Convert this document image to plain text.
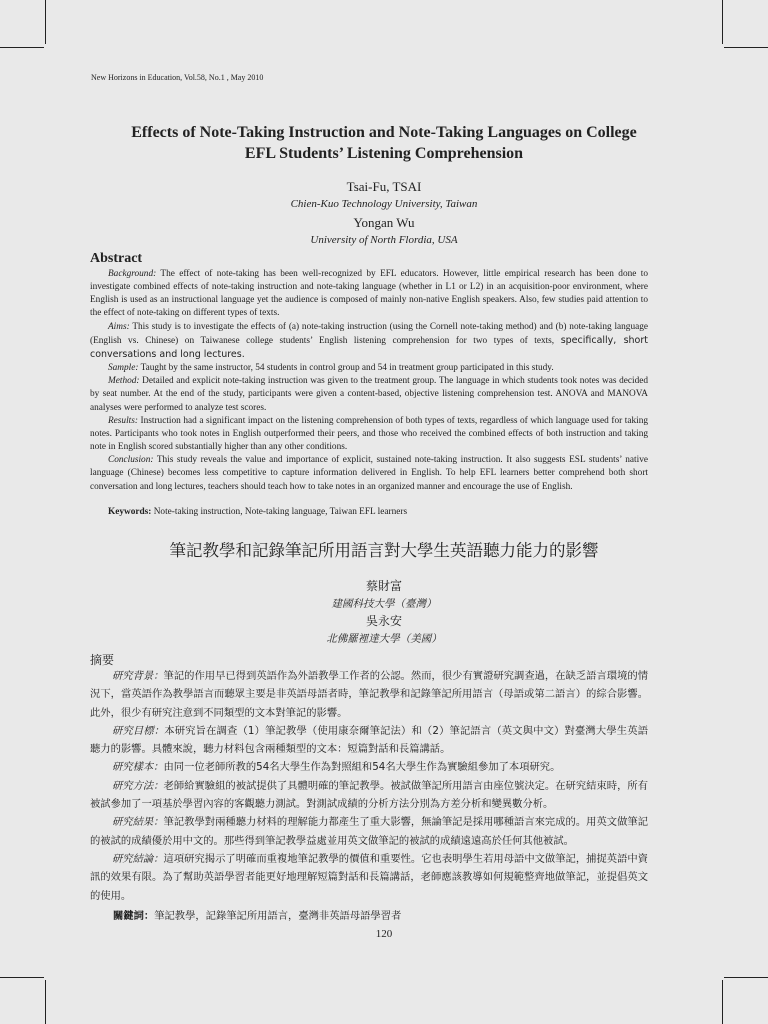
New Horizons in Education, Vol.58, No.1 , May 2010
Effects of Note-Taking Instruction and Note-Taking Languages on College
EFL Students’ Listening Comprehension
Tsai-Fu, TSAI
Chien-Kuo Technology University, Taiwan
Yongan Wu
University of North Flordia, USA
Abstract

Background: The effect of note-taking has been well-recognized by EFL educators. However, little empirical research has been done to investigate combined effects of note-taking instruction and note-taking language (whether in L1 or L2) in an acquisition-poor environment, where English is used as an instructional language yet the audience is composed of mainly non-native English speakers. Also, few studies paid attention to the effect of note-taking on different types of texts.

Aims: This study is to investigate the effects of (a) note-taking instruction (using the Cornell note-taking method) and (b) note-taking language (English vs. Chinese) on Taiwanese college students’ English listening comprehension for two types of texts, specifically, short conversations and long lectures.

Sample: Taught by the same instructor, 54 students in control group and 54 in treatment group participated in this study.

Method: Detailed and explicit note-taking instruction was given to the treatment group. The language in which students took notes was decided by seat number. At the end of the study, participants were given a content-based, objective listening comprehension test. ANOVA and MANOVA analyses were performed to analyze test scores.

Results: Instruction had a significant impact on the listening comprehension of both types of texts, regardless of which language used for taking notes. Participants who took notes in English outperformed their peers, and those who received the combined effects of both instruction and taking note in English scored substantially higher than any other conditions.

Conclusion: This study reveals the value and importance of explicit, sustained note-taking instruction. It also suggests ESL students’ native language (Chinese) becomes less competitive to capture information delivered in English. To help EFL learners better comprehend both short conversation and long lectures, teachers should teach how to take notes in an organized manner and encourage the use of English.

Keywords: Note-taking instruction, Note-taking language, Taiwan EFL learners
筆記教學和記錄筆記所用語言對大學生英語聽力能力的影響
蔡財富
建國科技大學（臺灣）
吳永安
北佛羅裡達大學（美國）
摘要

研究背景：筆記的作用早已得到英語作為外語教學工作者的公認。然而，很少有實證研究調查過，在缺乏語言環境的情況下，當英語作為教學語言而聽眾主要是非英語母語者時，筆記教學和記錄筆記所用語言（母語或第二語言）的綜合影響。此外，很少有研究注意到不同類型的文本對筆記的影響。

研究目標：本研究旨在調查（1）筆記教學（使用康奈爾筆記法）和（2）筆記語言（英文與中文）對臺灣大學生英語聽力的影響。具體來說，聽力材料包含兩種類型的文本：短篇對話和長篇講話。

研究樣本：由同一位老師所教的54名大學生作為對照組和54名大學生作為實驗組參加了本項研究。

研究方法：老師給實驗組的被試提供了具體明確的筆記教學。被試做筆記所用語言由座位號決定。在研究結束時，所有被試參加了一項基於學習內容的客觀聽力測試。對測試成績的分析方法分別為方差分析和變異數分析。

研究結果：筆記教學對兩種聽力材料的理解能力都產生了重大影響，無論筆記是採用哪種語言來完成的。用英文做筆記的被試的成績優於用中文的。那些得到筆記教學益處並用英文做筆記的被試的成績遠遠高於任何其他被試。

研究結論：這項研究揭示了明確而重複地筆記教學的價值和重要性。它也表明學生若用母語中文做筆記，捕捉英語中資訊的效果有限。為了幫助英語學習者能更好地理解短篇對話和長篇講話，老師應該教導如何規範整齊地做筆記，並提倡英文的使用。

關鍵詞：筆記教學，記錄筆記所用語言，臺灣非英語母語學習者
120
